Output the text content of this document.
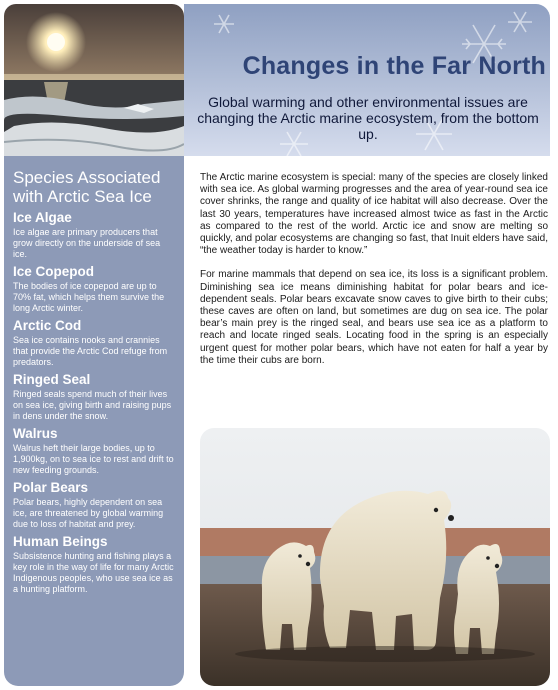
Changes in the Far North
Global warming and other environmental issues are changing the Arctic marine ecosystem, from the bottom up.
Species Associated with Arctic Sea Ice
Ice Algae

Ice algae are primary producers that grow directly on the underside of sea ice.

Ice Copepod

The bodies of ice copepod are up to 70% fat, which helps them survive the long Arctic winter.

Arctic Cod

Sea ice contains nooks and crannies that provide the Arctic Cod refuge from predators.

Ringed Seal

Ringed seals spend much of their lives on sea ice, giving birth and raising pups in dens under the snow.

Walrus

Walrus heft their large bodies, up to 1,900kg, on to sea ice to rest and drift to new feeding grounds.

Polar Bears

Polar bears, highly dependent on sea ice, are threatened by global warming due to loss of habitat and prey.

Human Beings

Subsistence hunting and fishing plays a key role in the way of life for many Arctic Indigenous peoples, who use sea ice as a hunting platform.

The Arctic marine ecosystem is special: many of the species are closely linked with sea ice. As global warming progresses and the area of year-round sea ice cover shrinks, the range and quality of ice habitat will also decrease. Over the last 30 years, temperatures have increased almost twice as fast in the Arctic as compared to the rest of the world. Arctic ice and snow are melting so quickly, and polar ecosystems are changing so fast, that Inuit elders have said, “the weather today is harder to know.”

For marine mammals that depend on sea ice, its loss is a significant problem. Diminishing sea ice means diminishing habitat for polar bears and ice-dependent seals. Polar bears excavate snow caves to give birth to their cubs; these caves are often on land, but sometimes are dug on sea ice. The polar bear’s main prey is the ringed seal, and bears use sea ice as a platform to reach and locate ringed seals. Locating food in the spring is an especially urgent quest for mother polar bears, which have not eaten for half a year by the time their cubs are born.
